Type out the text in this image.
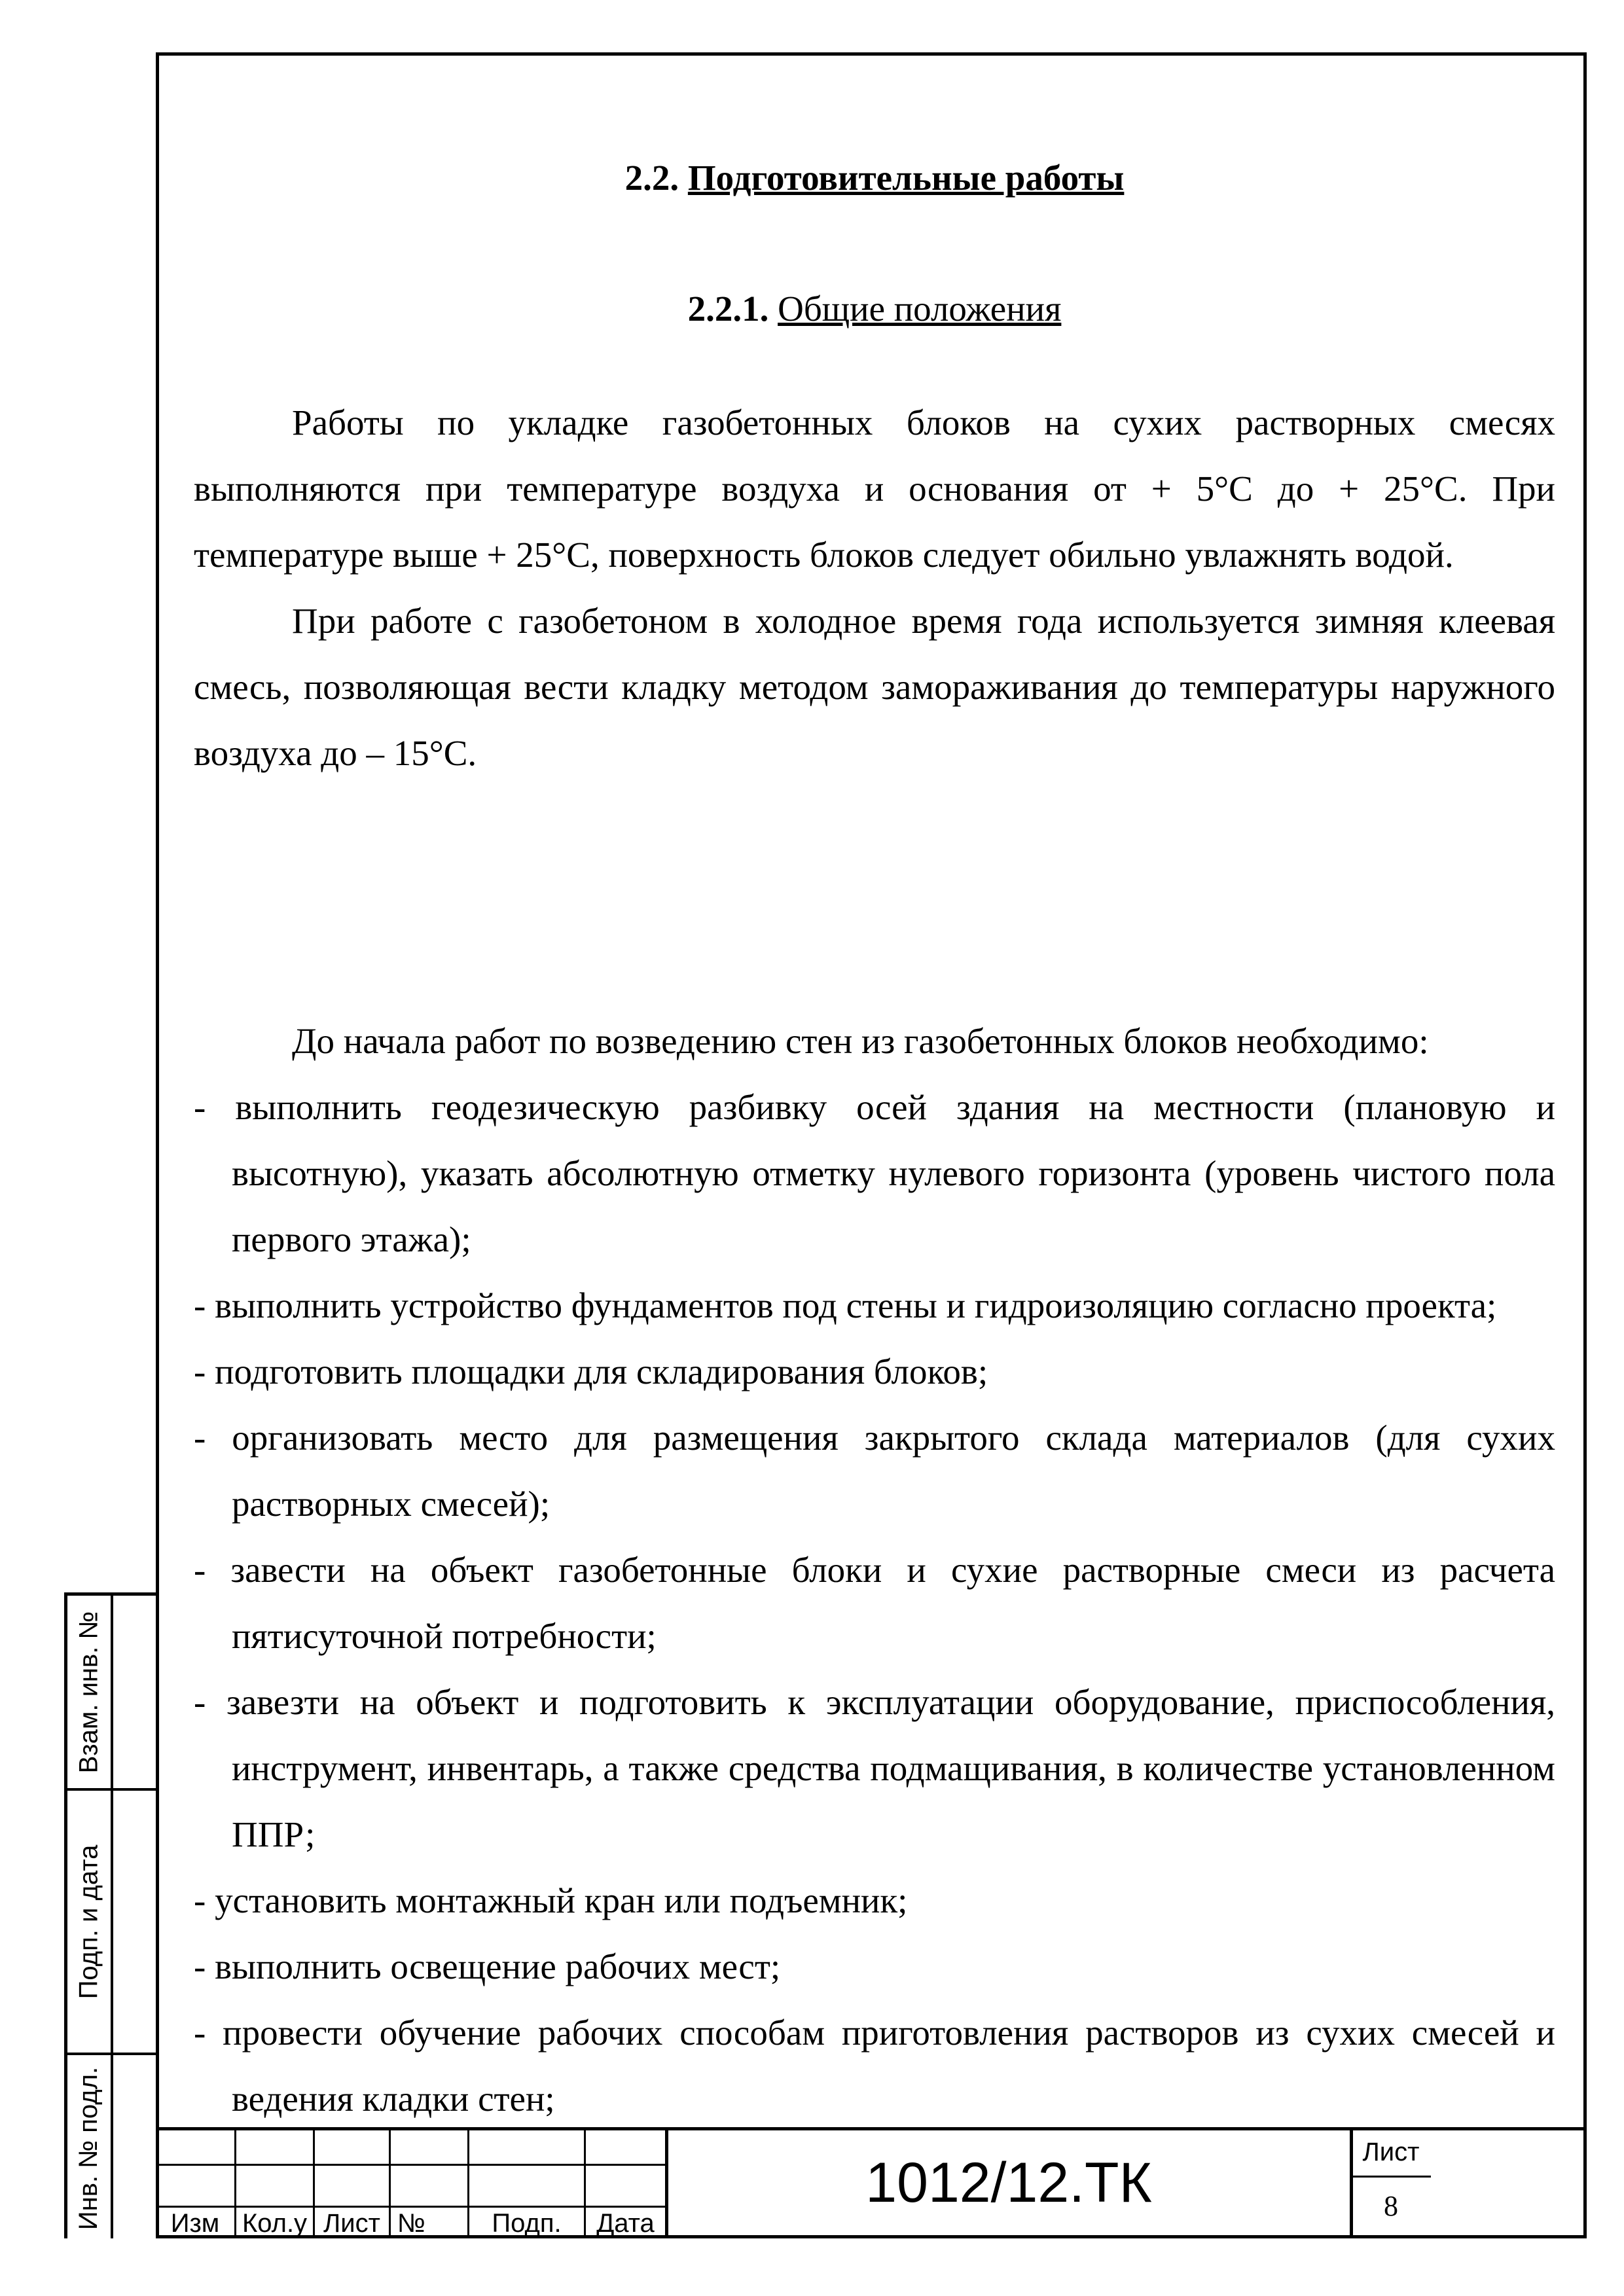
2.2. Подготовительные работы
2.2.1. Общие положения

Работы по укладке газобетонных блоков на сухих растворных смесях выполняются при температуре воздуха и основания от + 5°С до + 25°С. При температуре выше + 25°С, поверхность блоков следует обильно увлажнять водой.

При работе с газобетоном в холодное время года используется зимняя клеевая смесь, позволяющая вести кладку методом замораживания до температуры наружного воздуха до – 15°С.

До начала работ по возведению стен из газобетонных блоков необходимо:
- выполнить геодезическую разбивку осей здания на местности (плановую и высотную), указать абсолютную отметку нулевого горизонта (уровень чистого пола первого этажа);
- выполнить устройство фундаментов под стены и гидроизоляцию согласно проекта;
- подготовить площадки для складирования блоков;
- организовать место для размещения закрытого склада материалов (для сухих растворных смесей);
- завести на объект газобетонные блоки и сухие растворные смеси из расчета пятисуточной потребности;
- завезти на объект и подготовить к эксплуатации оборудование, приспособления, инструмент, инвентарь, а также средства подмащивания, в количестве установленном ППР;
- установить монтажный кран или подъемник;
- выполнить освещение рабочих мест;
- провести обучение рабочих способам приготовления растворов из сухих смесей и ведения кладки стен;
Взам. инв. №
Подп. и дата
Инв. № подл.	Изм Кол.у Лист №	Подп.	Дата
1012/12.ТК	Лист
8
